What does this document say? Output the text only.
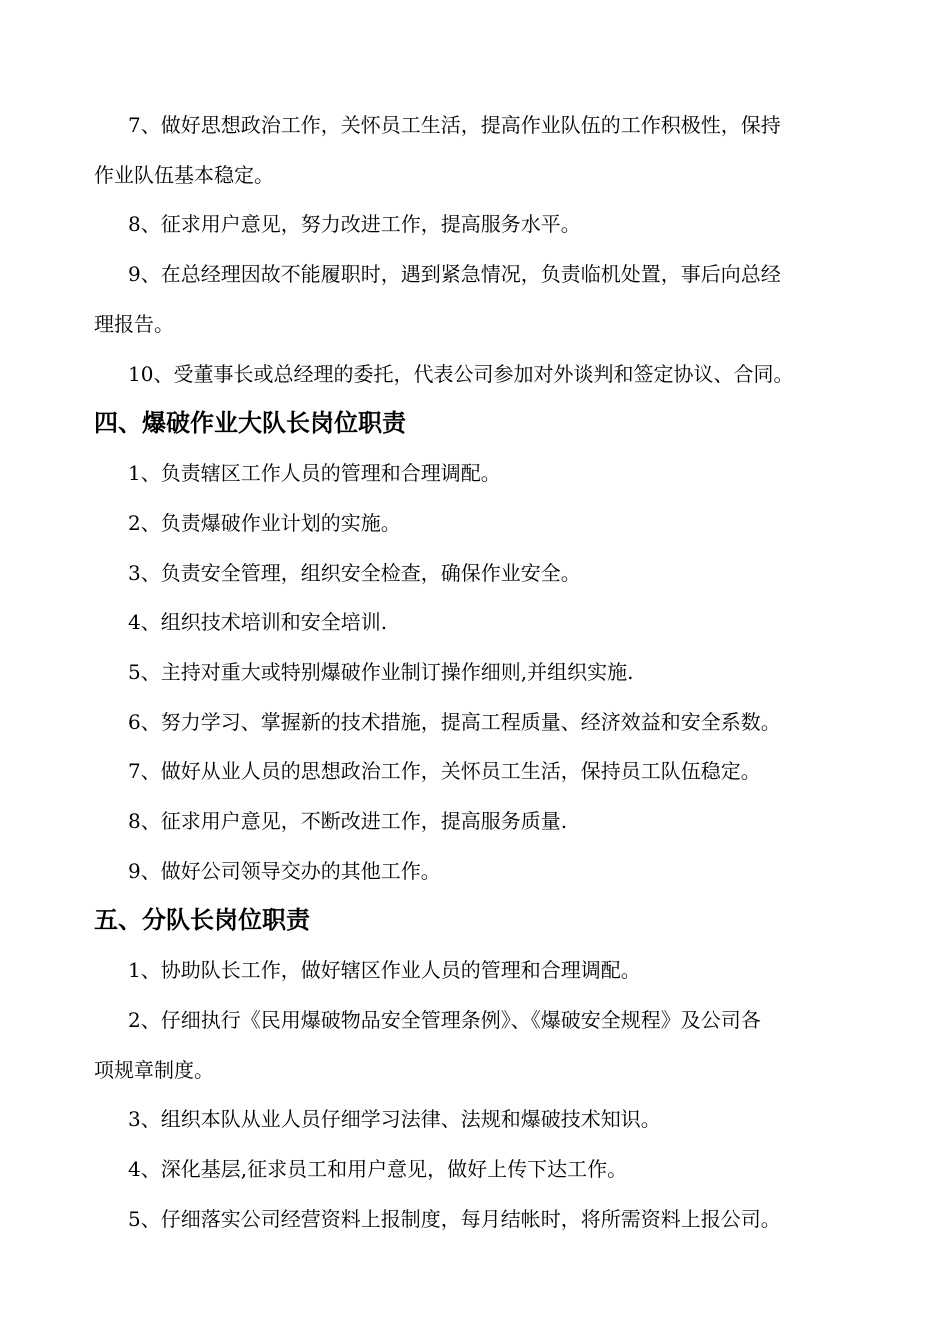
7、做好思想政治工作，关怀员工生活，提高作业队伍的工作积极性，保持
作业队伍基本稳定。
8、征求用户意见，努力改进工作，提高服务水平。
9、在总经理因故不能履职时，遇到紧急情况，负责临机处置，事后向总经
理报告。
10、受董事长或总经理的委托，代表公司参加对外谈判和签定协议、合同。
四、爆破作业大队长岗位职责
1、负责辖区工作人员的管理和合理调配。
2、负责爆破作业计划的实施。
3、负责安全管理，组织安全检查，确保作业安全。
4、组织技术培训和安全培训.
5、主持对重大或特别爆破作业制订操作细则,并组织实施.
6、努力学习、掌握新的技术措施，提高工程质量、经济效益和安全系数。
7、做好从业人员的思想政治工作，关怀员工生活，保持员工队伍稳定。
8、征求用户意见，不断改进工作，提高服务质量.
9、做好公司领导交办的其他工作。
五、分队长岗位职责
1、协助队长工作，做好辖区作业人员的管理和合理调配。
2、仔细执行《民用爆破物品安全管理条例》、《爆破安全规程》及公司各
项规章制度。
3、组织本队从业人员仔细学习法律、法规和爆破技术知识。
4、深化基层,征求员工和用户意见，做好上传下达工作。
5、仔细落实公司经营资料上报制度，每月结帐时，将所需资料上报公司。
